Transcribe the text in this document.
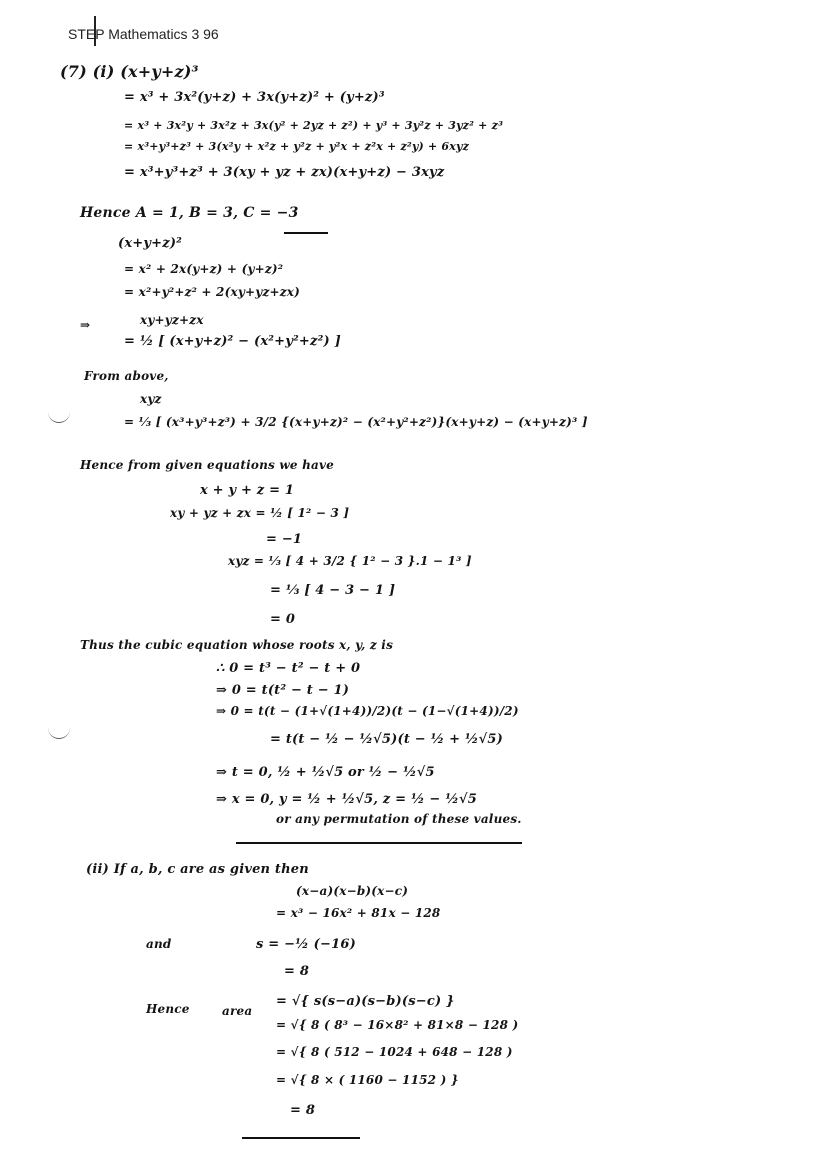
STEP Mathematics 3 96
(7) (i) (x+y+z)³
= x³ + 3x²(y+z) + 3x(y+z)² + (y+z)³
= x³ + 3x²y + 3x²z + 3x(y² + 2yz + z²) + y³ + 3y²z + 3yz² + z³
= x³+y³+z³ + 3(x²y + x²z + y²z + y²x + z²x + z²y) + 6xyz
= x³+y³+z³ + 3(xy + yz + zx)(x+y+z) − 3xyz
Hence A = 1, B = 3, C = −3
(x+y+z)²
= x² + 2x(y+z) + (y+z)²
= x²+y²+z² + 2(xy+yz+zx)
⇒	xy+yz+zx
= ½ [ (x+y+z)² − (x²+y²+z²) ]
From above,
xyz
= ⅓ [ (x³+y³+z³) + 3/2 {(x+y+z)² − (x²+y²+z²)}(x+y+z) − (x+y+z)³ ]
Hence from given equations we have
x + y + z = 1
xy + yz + zx = ½ [ 1² − 3 ]
= −1
xyz = ⅓ [ 4 + 3/2 { 1² − 3 }.1 − 1³ ]
= ⅓ [ 4 − 3 − 1 ]
= 0
Thus the cubic equation whose roots x, y, z is
∴ 0 = t³ − t² − t + 0
⇒ 0 = t(t² − t − 1)
⇒ 0 = t(t − (1+√(1+4))/2)(t − (1−√(1+4))/2)
= t(t − ½ − ½√5)(t − ½ + ½√5)
⇒ t = 0, ½ + ½√5 or ½ − ½√5
⇒ x = 0, y = ½ + ½√5, z = ½ − ½√5
or any permutation of these values.
(ii) If a, b, c are as given then
(x−a)(x−b)(x−c)
= x³ − 16x² + 81x − 128
and	s = −½ (−16)
= 8
Hence	area
= √{ s(s−a)(s−b)(s−c) }
= √{ 8 ( 8³ − 16×8² + 81×8 − 128 )
= √{ 8 ( 512 − 1024 + 648 − 128 )
= √{ 8 × ( 1160 − 1152 ) }
= 8
